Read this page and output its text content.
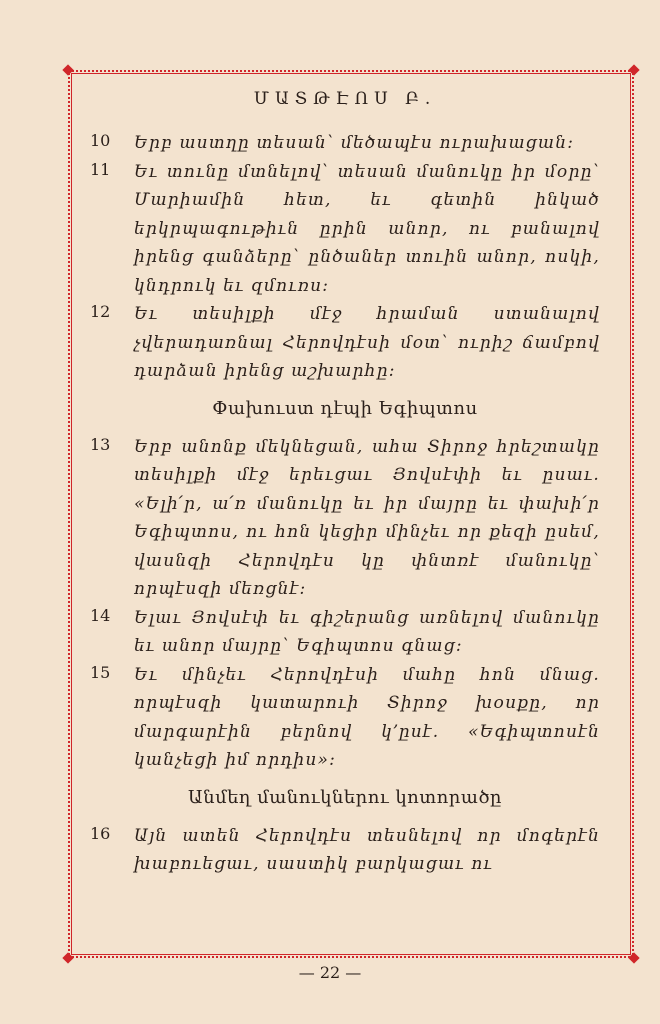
ՄԱՏԹԷՈՍ Բ.
10	Երբ աստղը տեսան՝ մեծապէս ուրախացան:
11	Եւ տունը մտնելով՝ տեսան մանուկը իր մօրը՝ Մարիամին հետ, եւ գետին ինկած երկրպագութիւն ըրին անոր, ու բանալով իրենց գանձերը՝ ընծաներ տուին անոր, ոսկի, կնդրուկ եւ զմուռս:
12	Եւ տեսիլքի մէջ հրաման ստանալով չվերադառնալ Հերովդէսի մօտ՝ ուրիշ ճամբով դարձան իրենց աշխարհը:
Փախուստ դէպի Եգիպտոս
13	Երբ անոնք մեկնեցան, ահա Տիրոջ հրեշտակը տեսիլքի մէջ երեւցաւ Յովսէփի եւ ըսաւ. «Ելի՛ր, ա՛ռ մանուկը եւ իր մայրը եւ փախի՛ր Եգիպտոս, ու հոն կեցիր մինչեւ որ քեզի ըսեմ, վասնզի Հերովդէս կը փնտռէ մանուկը՝ որպէսզի մեռցնէ:
14	Ելաւ Յովսէփ եւ գիշերանց առնելով մանուկը եւ անոր մայրը՝ Եգիպտոս գնաց:
15	Եւ մինչեւ Հերովդէսի մահը հոն մնաց. որպէսզի կատարուի Տիրոջ խօսքը, որ մարգարէին բերնով կ՚ըսէ. «Եգիպտոսէն կանչեցի իմ որդիս»:
Անմեղ մանուկներու կոտորածը
16	Այն ատեն Հերովդէս տեսնելով որ մոգերէն խաբուեցաւ, սաստիկ բարկացաւ ու
— 22 —
